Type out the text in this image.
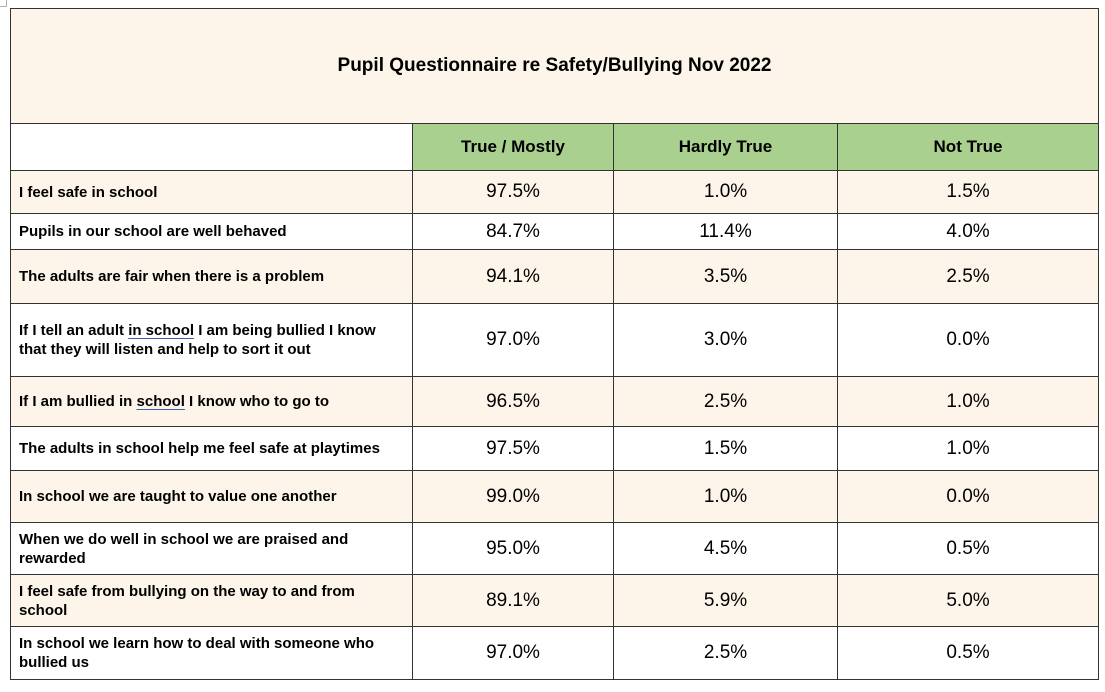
Pupil Questionnaire re Safety/Bullying Nov 2022			
	True / Mostly	Hardly True	Not True
I feel safe in school	97.5%	1.0%	1.5%
Pupils in our school are well behaved	84.7%	11.4%	4.0%
The adults are fair when there is a problem	94.1%	3.5%	2.5%
If I tell an adult in school I am being bullied I know that they will listen and help to sort it out	97.0%	3.0%	0.0%
If I am bullied in school I know who to go to	96.5%	2.5%	1.0%
The adults in school help me feel safe at playtimes	97.5%	1.5%	1.0%
In school we are taught to value one another	99.0%	1.0%	0.0%
When we do well in school we are praised and rewarded	95.0%	4.5%	0.5%
I feel safe from bullying on the way to and from school	89.1%	5.9%	5.0%
In school we learn how to deal with someone who bullied us	97.0%	2.5%	0.5%
